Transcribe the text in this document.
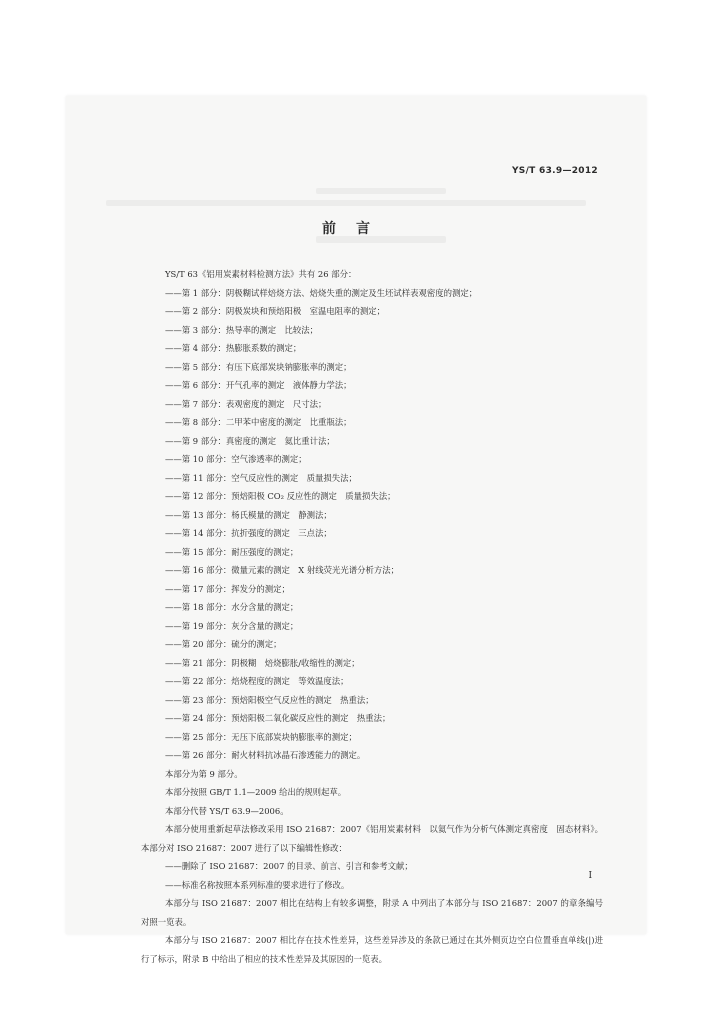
YS/T 63.9—2012
前言

YS/T 63《铝用炭素材料检测方法》共有 26 部分：

——第 1 部分：阴极糊试样焙烧方法、焙烧失重的测定及生坯试样表观密度的测定；

——第 2 部分：阴极炭块和预焙阳极　室温电阻率的测定；

——第 3 部分：热导率的测定　比较法；

——第 4 部分：热膨胀系数的测定；

——第 5 部分：有压下底部炭块钠膨胀率的测定；

——第 6 部分：开气孔率的测定　液体静力学法；

——第 7 部分：表观密度的测定　尺寸法；

——第 8 部分：二甲苯中密度的测定　比重瓶法；

——第 9 部分：真密度的测定　氦比重计法；

——第 10 部分：空气渗透率的测定；

——第 11 部分：空气反应性的测定　质量损失法；

——第 12 部分：预焙阳极 CO₂ 反应性的测定　质量损失法；

——第 13 部分：杨氏模量的测定　静测法；

——第 14 部分：抗折强度的测定　三点法；

——第 15 部分：耐压强度的测定；

——第 16 部分：微量元素的测定　X 射线荧光光谱分析方法；

——第 17 部分：挥发分的测定；

——第 18 部分：水分含量的测定；

——第 19 部分：灰分含量的测定；

——第 20 部分：硫分的测定；

——第 21 部分：阴极糊　焙烧膨胀/收缩性的测定；

——第 22 部分：焙烧程度的测定　等效温度法；

——第 23 部分：预焙阳极空气反应性的测定　热重法；

——第 24 部分：预焙阳极二氧化碳反应性的测定　热重法；

——第 25 部分：无压下底部炭块钠膨胀率的测定；

——第 26 部分：耐火材料抗冰晶石渗透能力的测定。

本部分为第 9 部分。

本部分按照 GB/T 1.1—2009 给出的规则起草。

本部分代替 YS/T 63.9—2006。

本部分使用重新起草法修改采用 ISO 21687：2007《铝用炭素材料　以氦气作为分析气体测定真密度　固态材料》。本部分对 ISO 21687：2007 进行了以下编辑性修改：

——删除了 ISO 21687：2007 的目录、前言、引言和参考文献；

——标准名称按照本系列标准的要求进行了修改。

本部分与 ISO 21687：2007 相比在结构上有较多调整，附录 A 中列出了本部分与 ISO 21687：2007 的章条编号对照一览表。

本部分与 ISO 21687：2007 相比存在技术性差异，这些差异涉及的条款已通过在其外侧页边空白位置垂直单线(|)进行了标示，附录 B 中给出了相应的技术性差异及其原因的一览表。

I
